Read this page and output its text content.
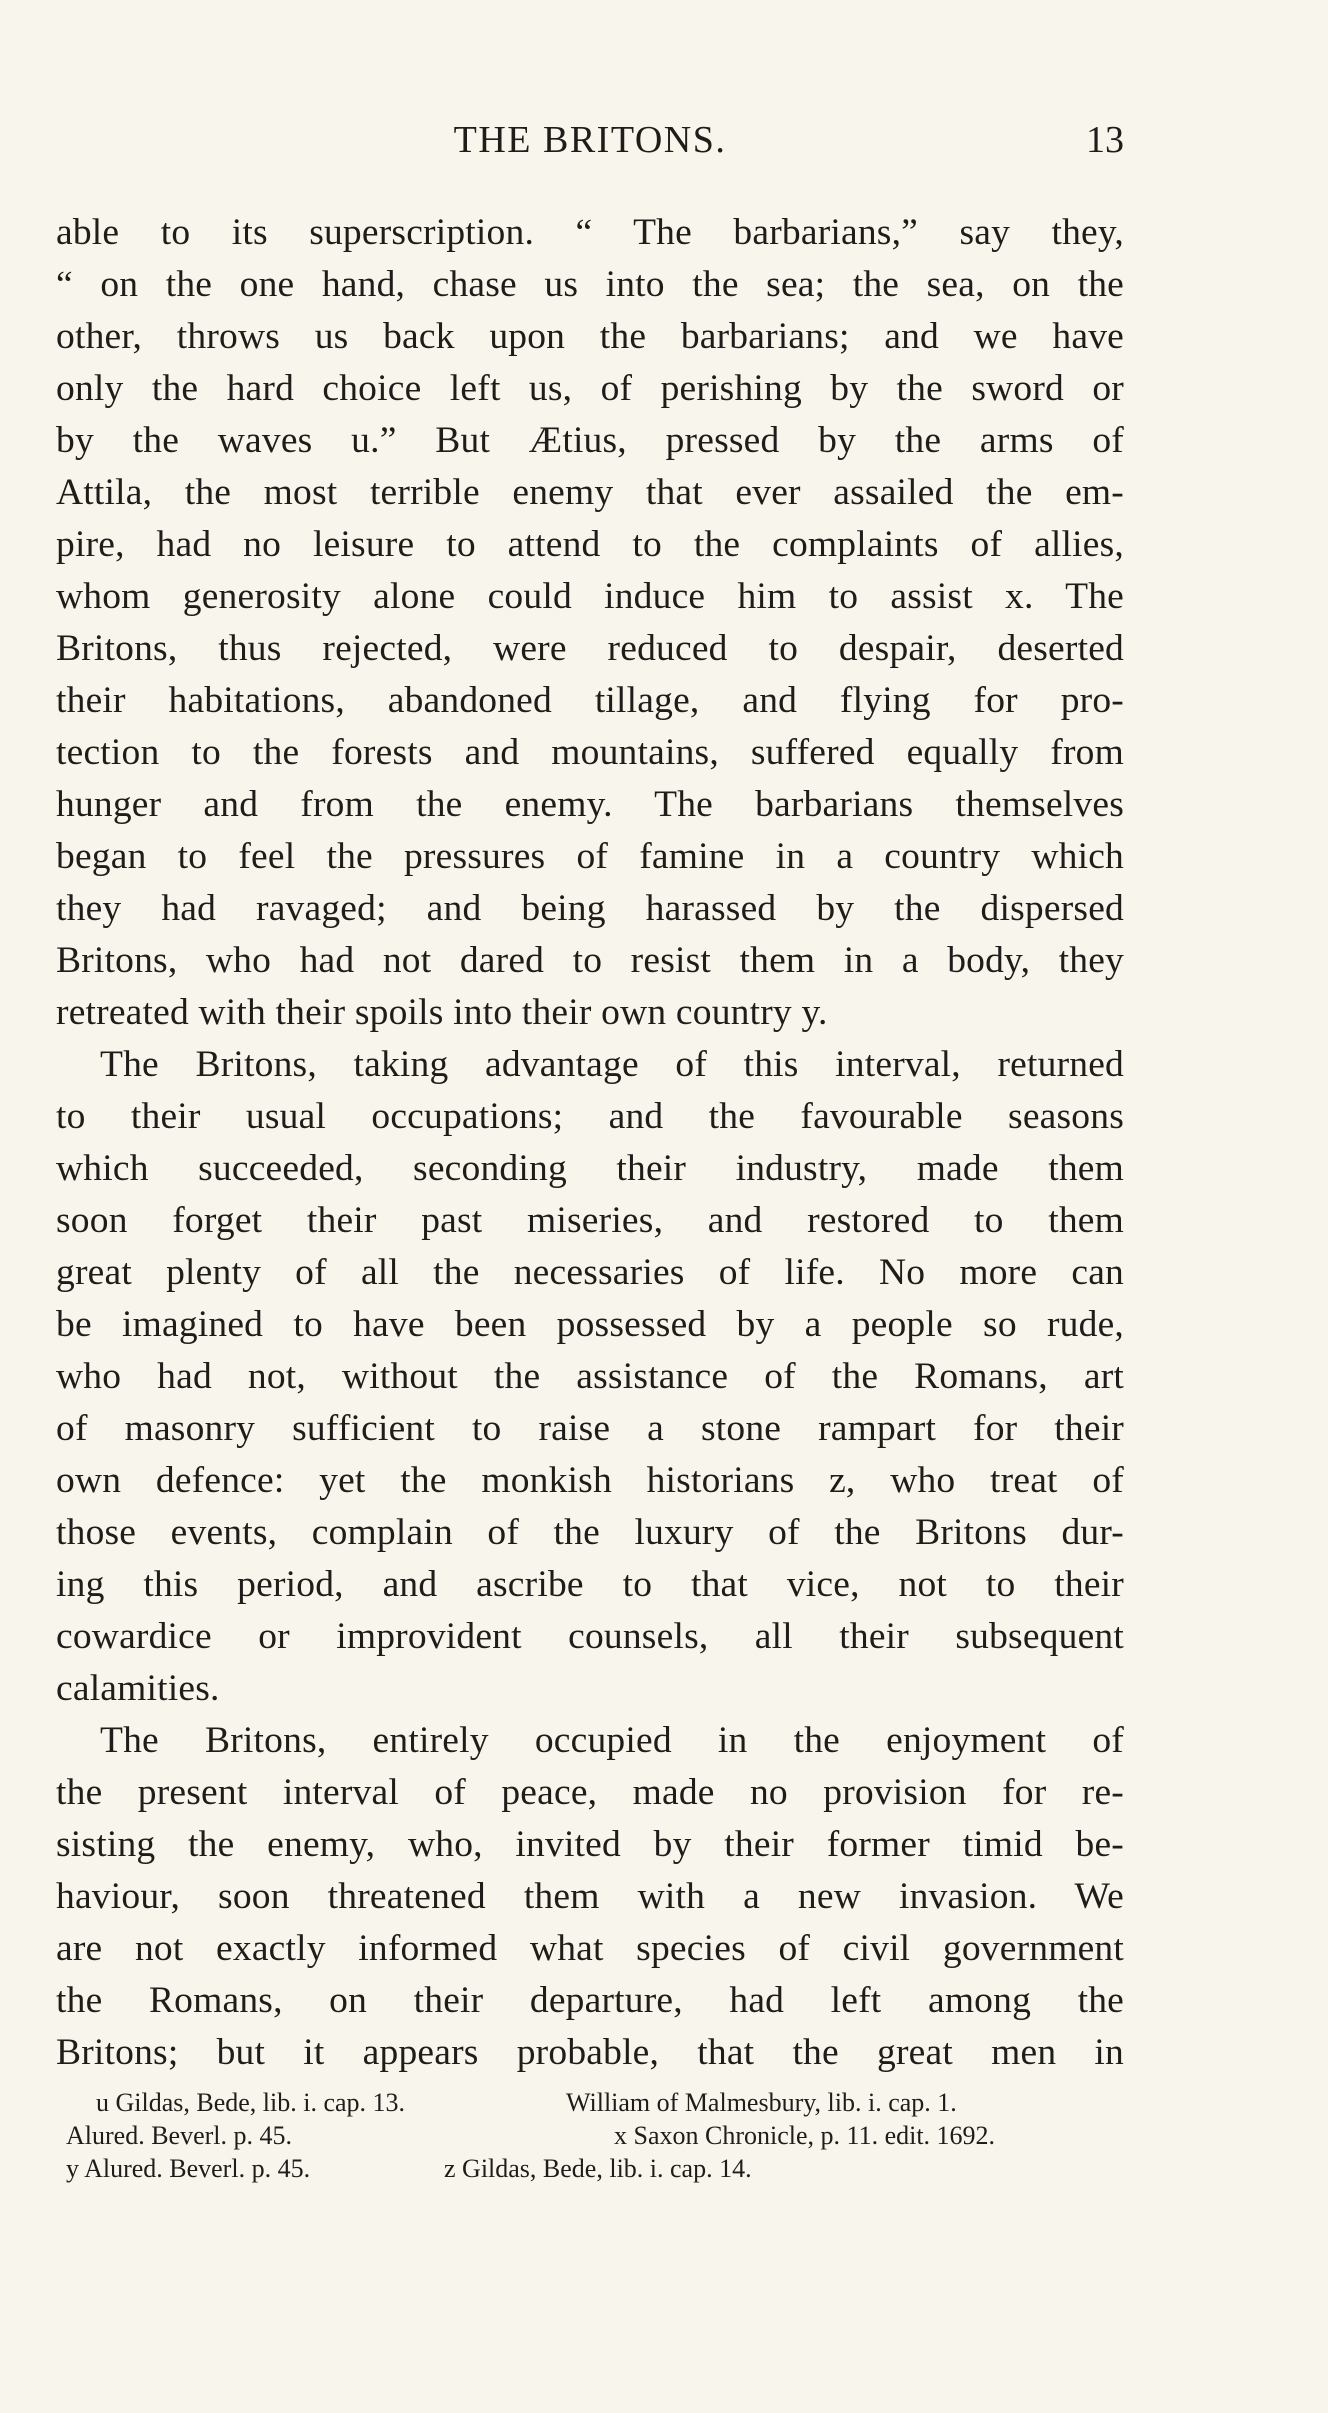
THE BRITONS.	13
able to its superscription. “ The barbarians,” say they,
“ on the one hand, chase us into the sea; the sea, on the
other, throws us back upon the barbarians; and we have
only the hard choice left us, of perishing by the sword or
by the waves u.” But Ætius, pressed by the arms of
Attila, the most terrible enemy that ever assailed the em-
pire, had no leisure to attend to the complaints of allies,
whom generosity alone could induce him to assist x. The
Britons, thus rejected, were reduced to despair, deserted
their habitations, abandoned tillage, and flying for pro-
tection to the forests and mountains, suffered equally from
hunger and from the enemy. The barbarians themselves
began to feel the pressures of famine in a country which
they had ravaged; and being harassed by the dispersed
Britons, who had not dared to resist them in a body, they
retreated with their spoils into their own country y.
The Britons, taking advantage of this interval, returned
to their usual occupations; and the favourable seasons
which succeeded, seconding their industry, made them
soon forget their past miseries, and restored to them
great plenty of all the necessaries of life. No more can
be imagined to have been possessed by a people so rude,
who had not, without the assistance of the Romans, art
of masonry sufficient to raise a stone rampart for their
own defence: yet the monkish historians z, who treat of
those events, complain of the luxury of the Britons dur-
ing this period, and ascribe to that vice, not to their
cowardice or improvident counsels, all their subsequent
calamities.
The Britons, entirely occupied in the enjoyment of
the present interval of peace, made no provision for re-
sisting the enemy, who, invited by their former timid be-
haviour, soon threatened them with a new invasion. We
are not exactly informed what species of civil government
the Romans, on their departure, had left among the
Britons; but it appears probable, that the great men in
u Gildas, Bede, lib. i. cap. 13.	William of Malmesbury, lib. i. cap. 1.
Alured. Beverl. p. 45.	x Saxon Chronicle, p. 11. edit. 1692.
y Alured. Beverl. p. 45.	z Gildas, Bede, lib. i. cap. 14.
